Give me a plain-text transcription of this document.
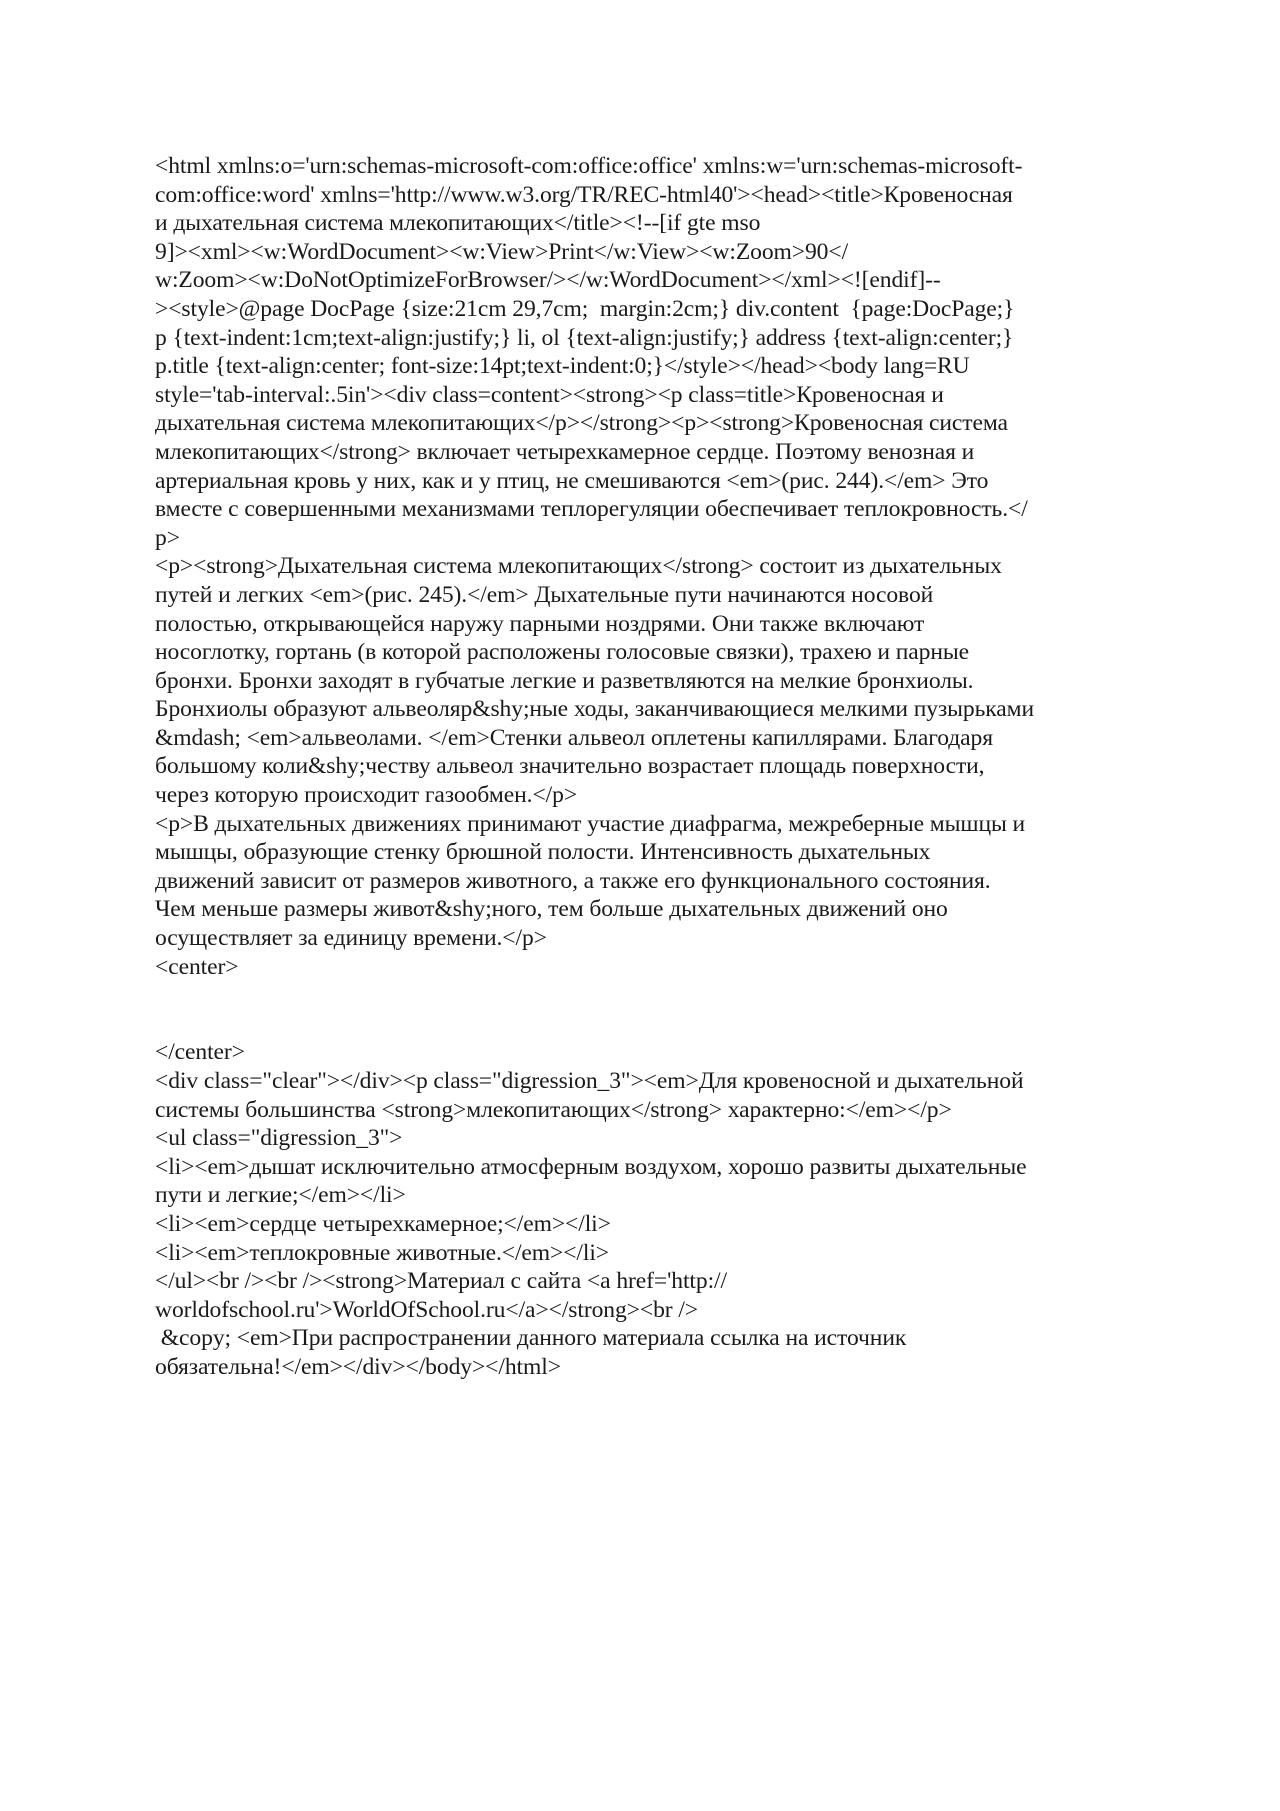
<html xmlns:o='urn:schemas-microsoft-com:office:office' xmlns:w='urn:schemas-microsoft-
com:office:word' xmlns='http://www.w3.org/TR/REC-html40'><head><title>Кровеносная
и дыхательная система млекопитающих</title><!--[if gte mso
9]><xml><w:WordDocument><w:View>Print</w:View><w:Zoom>90</
w:Zoom><w:DoNotOptimizeForBrowser/></w:WordDocument></xml><![endif]--
><style>@page DocPage {size:21cm 29,7cm;  margin:2cm;} div.content  {page:DocPage;}
p {text-indent:1cm;text-align:justify;} li, ol {text-align:justify;} address {text-align:center;}
p.title {text-align:center; font-size:14pt;text-indent:0;}</style></head><body lang=RU
style='tab-interval:.5in'><div class=content><strong><p class=title>Кровеносная и
дыхательная система млекопитающих</p></strong><p><strong>Кровеносная система
млекопитающих</strong> включает четырехкамерное сердце. Поэтому венозная и
артериальная кровь у них, как и у птиц, не смешиваются <em>(рис. 244).</em> Это
вместе с совершенными механизмами теплорегуляции обеспечивает теплокровность.</
p>
<p><strong>Дыхательная система млекопитающих</strong> состоит из дыхательных
путей и легких <em>(рис. 245).</em> Дыхательные пути начинаются носовой
полостью, открывающейся наружу парными ноздрями. Они также включают
носоглотку, гортань (в которой расположены голосовые связки), трахею и парные
бронхи. Бронхи заходят в губчатые легкие и разветвляются на мелкие бронхиолы.
Бронхиолы образуют альвеоляр&shy;ные ходы, заканчивающиеся мелкими пузырьками
&mdash; <em>альвеолами. </em>Стенки альвеол оплетены капиллярами. Благодаря
большому коли&shy;честву альвеол значительно возрастает площадь поверхности,
через которую происходит газообмен.</p>
<p>В дыхательных движениях принимают участие диафрагма, межреберные мышцы и
мышцы, образующие стенку брюшной полости. Интенсивность дыхательных
движений зависит от размеров животного, а также его функционального состояния.
Чем меньше размеры живот&shy;ного, тем больше дыхательных движений оно
осуществляет за единицу времени.</p>
<center>
</center>
<div class="clear"></div><p class="digression_3"><em>Для кровеносной и дыхательной
системы большинства <strong>млекопитающих</strong> характерно:</em></p>
<ul class="digression_3">
<li><em>дышат исключительно атмосферным воздухом, хорошо развиты дыхательные
пути и легкие;</em></li>
<li><em>сердце четырехкамерное;</em></li>
<li><em>теплокровные животные.</em></li>
</ul><br /><br /><strong>Материал с сайта <a href='http://
worldofschool.ru'>WorldOfSchool.ru</a></strong><br />
&copy; <em>При распространении данного материала ссылка на источник
обязательна!</em></div></body></html>
